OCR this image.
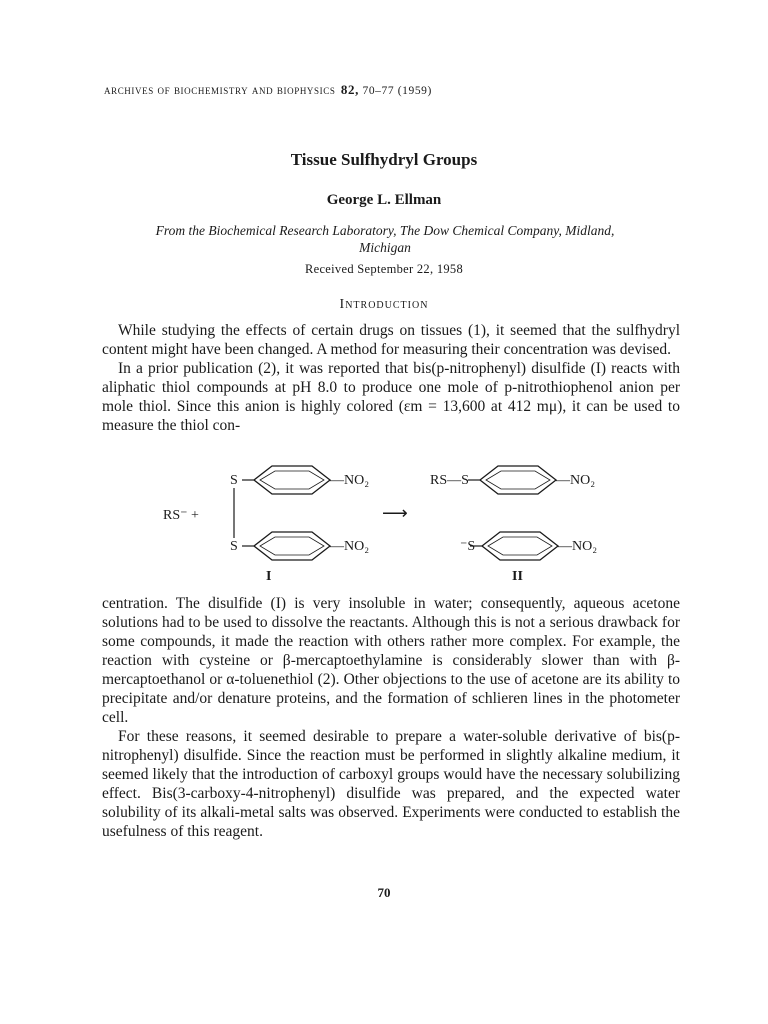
archives of biochemistry and biophysics 82, 70–77 (1959)
Tissue Sulfhydryl Groups
George L. Ellman
From the Biochemical Research Laboratory, The Dow Chemical Company, Midland, Michigan
Received September 22, 1958
Introduction

While studying the effects of certain drugs on tissues (1), it seemed that the sulfhydryl content might have been changed. A method for measuring their concentration was devised.

In a prior publication (2), it was reported that bis(p-nitrophenyl) disulfide (I) reacts with aliphatic thiol compounds at pH 8.0 to produce one mole of p-nitrothiophenol anion per mole thiol. Since this anion is highly colored (εm = 13,600 at 412 mμ), it can be used to measure the thiol con-

S	—NO₂
RS⁻ +
S	—NO₂
⟶
RS—S	—NO₂
⁻S	—NO₂
I	II

centration. The disulfide (I) is very insoluble in water; consequently, aqueous acetone solutions had to be used to dissolve the reactants. Although this is not a serious drawback for some compounds, it made the reaction with others rather more complex. For example, the reaction with cysteine or β-mercaptoethylamine is considerably slower than with β-mercaptoethanol or α-toluenethiol (2). Other objections to the use of acetone are its ability to precipitate and/or denature proteins, and the formation of schlieren lines in the photometer cell.

For these reasons, it seemed desirable to prepare a water-soluble derivative of bis(p-nitrophenyl) disulfide. Since the reaction must be performed in slightly alkaline medium, it seemed likely that the introduction of carboxyl groups would have the necessary solubilizing effect. Bis(3-carboxy-4-nitrophenyl) disulfide was prepared, and the expected water solubility of its alkali-metal salts was observed. Experiments were conducted to establish the usefulness of this reagent.

70
